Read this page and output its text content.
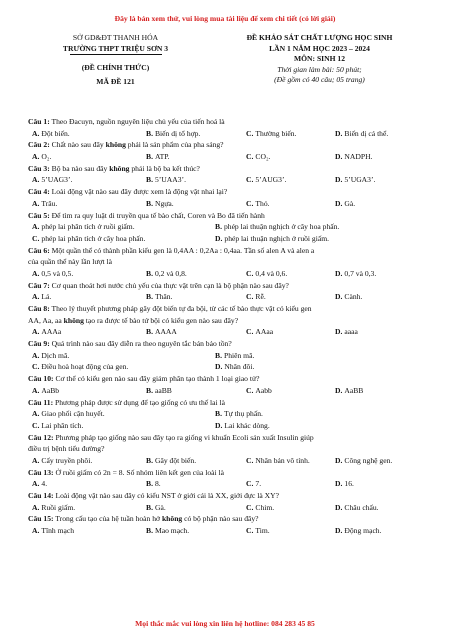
Đây là bản xem thử, vui lòng mua tài liệu để xem chi tiết (có lời giải)
SỞ GD&ĐT THANH HÓA
TRƯỜNG THPT TRIỆU SƠN 3
(ĐỀ CHÍNH THỨC)
MÃ ĐỀ 121
ĐỀ KHẢO SÁT CHẤT LƯỢNG HỌC SINH
LẦN 1 NĂM HỌC 2023 – 2024
MÔN: SINH 12
Thời gian làm bài: 50 phút;
(Đề gồm có 40 câu; 05 trang)
Câu 1: Theo Đacuyn, nguồn nguyên liệu chủ yếu của tiến hoá là
A. Đột biến.	B. Biến dị tổ hợp.	C. Thường biến.	D. Biến dị cá thể.
Câu 2: Chất nào sau đây không phải là sản phẩm của pha sáng?
A. O₂.	B. ATP.	C. CO₂.	D. NADPH.
Câu 3: Bộ ba nào sau đây không phải là bộ ba kết thúc?
A. 5’UAG3’.	B. 5’UAA3’.	C. 5’AUG3’.	D. 5’UGA3’.
Câu 4: Loài động vật nào sau đây được xem là động vật nhai lại?
A. Trâu.	B. Ngựa.	C. Thỏ.	D. Gà.
Câu 5: Để tìm ra quy luật di truyền qua tế bào chất, Coren và Bo đã tiến hành
A. phép lai phân tích ở ruồi giấm.	B. phép lai thuận nghịch ở cây hoa phấn.
C. phép lai phân tích ở cây hoa phấn.	D. phép lai thuận nghịch ở ruồi giấm.
Câu 6: Một quần thể có thành phần kiểu gen là 0,4AA : 0,2Aa : 0,4aa. Tần số alen A và alen a
của quần thể này lần lượt là
A. 0,5 và 0,5.	B. 0,2 và 0,8.	C. 0,4 và 0,6.	D. 0,7 và 0,3.
Câu 7: Cơ quan thoát hơi nước chủ yếu của thực vật trên cạn là bộ phận nào sau đây?
A. Lá.	B. Thân.	C. Rễ.	D. Cành.
Câu 8: Theo lý thuyết phương pháp gây đột biến tự đa bội, từ các tế bào thực vật có kiểu gen
AA, Aa, aa không tạo ra được tế bào tứ bội có kiểu gen nào sau đây?
A. AAAa	B. AAAA	C. AAaa	D. aaaa
Câu 9: Quá trình nào sau đây diễn ra theo nguyên tắc bán bảo tồn?
A. Dịch mã.	B. Phiên mã.
C. Điều hoà hoạt động của gen.	D. Nhân đôi.
Câu 10: Cơ thể có kiểu gen nào sau đây giảm phân tạo thành 1 loại giao tử?
A. AaBb	B. aaBB	C. Aabb	D. AaBB
Câu 11: Phương pháp được sử dụng để tạo giống có ưu thế lai là
A. Giao phối cận huyết.	B. Tự thụ phấn.
C. Lai phân tích.	D. Lai khác dòng.
Câu 12: Phương pháp tạo giống nào sau đây tạo ra giống vi khuẩn Ecoli sản xuất Insulin giúp
điều trị bệnh tiểu đường?
A. Cấy truyền phôi.	B. Gây đột biến.	C. Nhân bản vô tính.	D. Công nghệ gen.
Câu 13: Ở ruồi giấm có 2n = 8. Số nhóm liên kết gen của loài là
A. 4.	B. 8.	C. 7.	D. 16.
Câu 14: Loài động vật nào sau đây có kiểu NST ở giới cái là XX, giới đực là XY?
A. Ruồi giấm.	B. Gà.	C. Chim.	D. Châu chấu.
Câu 15: Trong cấu tạo của hệ tuần hoàn hở không có bộ phận nào sau đây?
A. Tĩnh mạch	B. Mao mạch.	C. Tim.	D. Động mạch.
Mọi thắc mắc vui lòng xin liên hệ hotline: 084 283 45 85
